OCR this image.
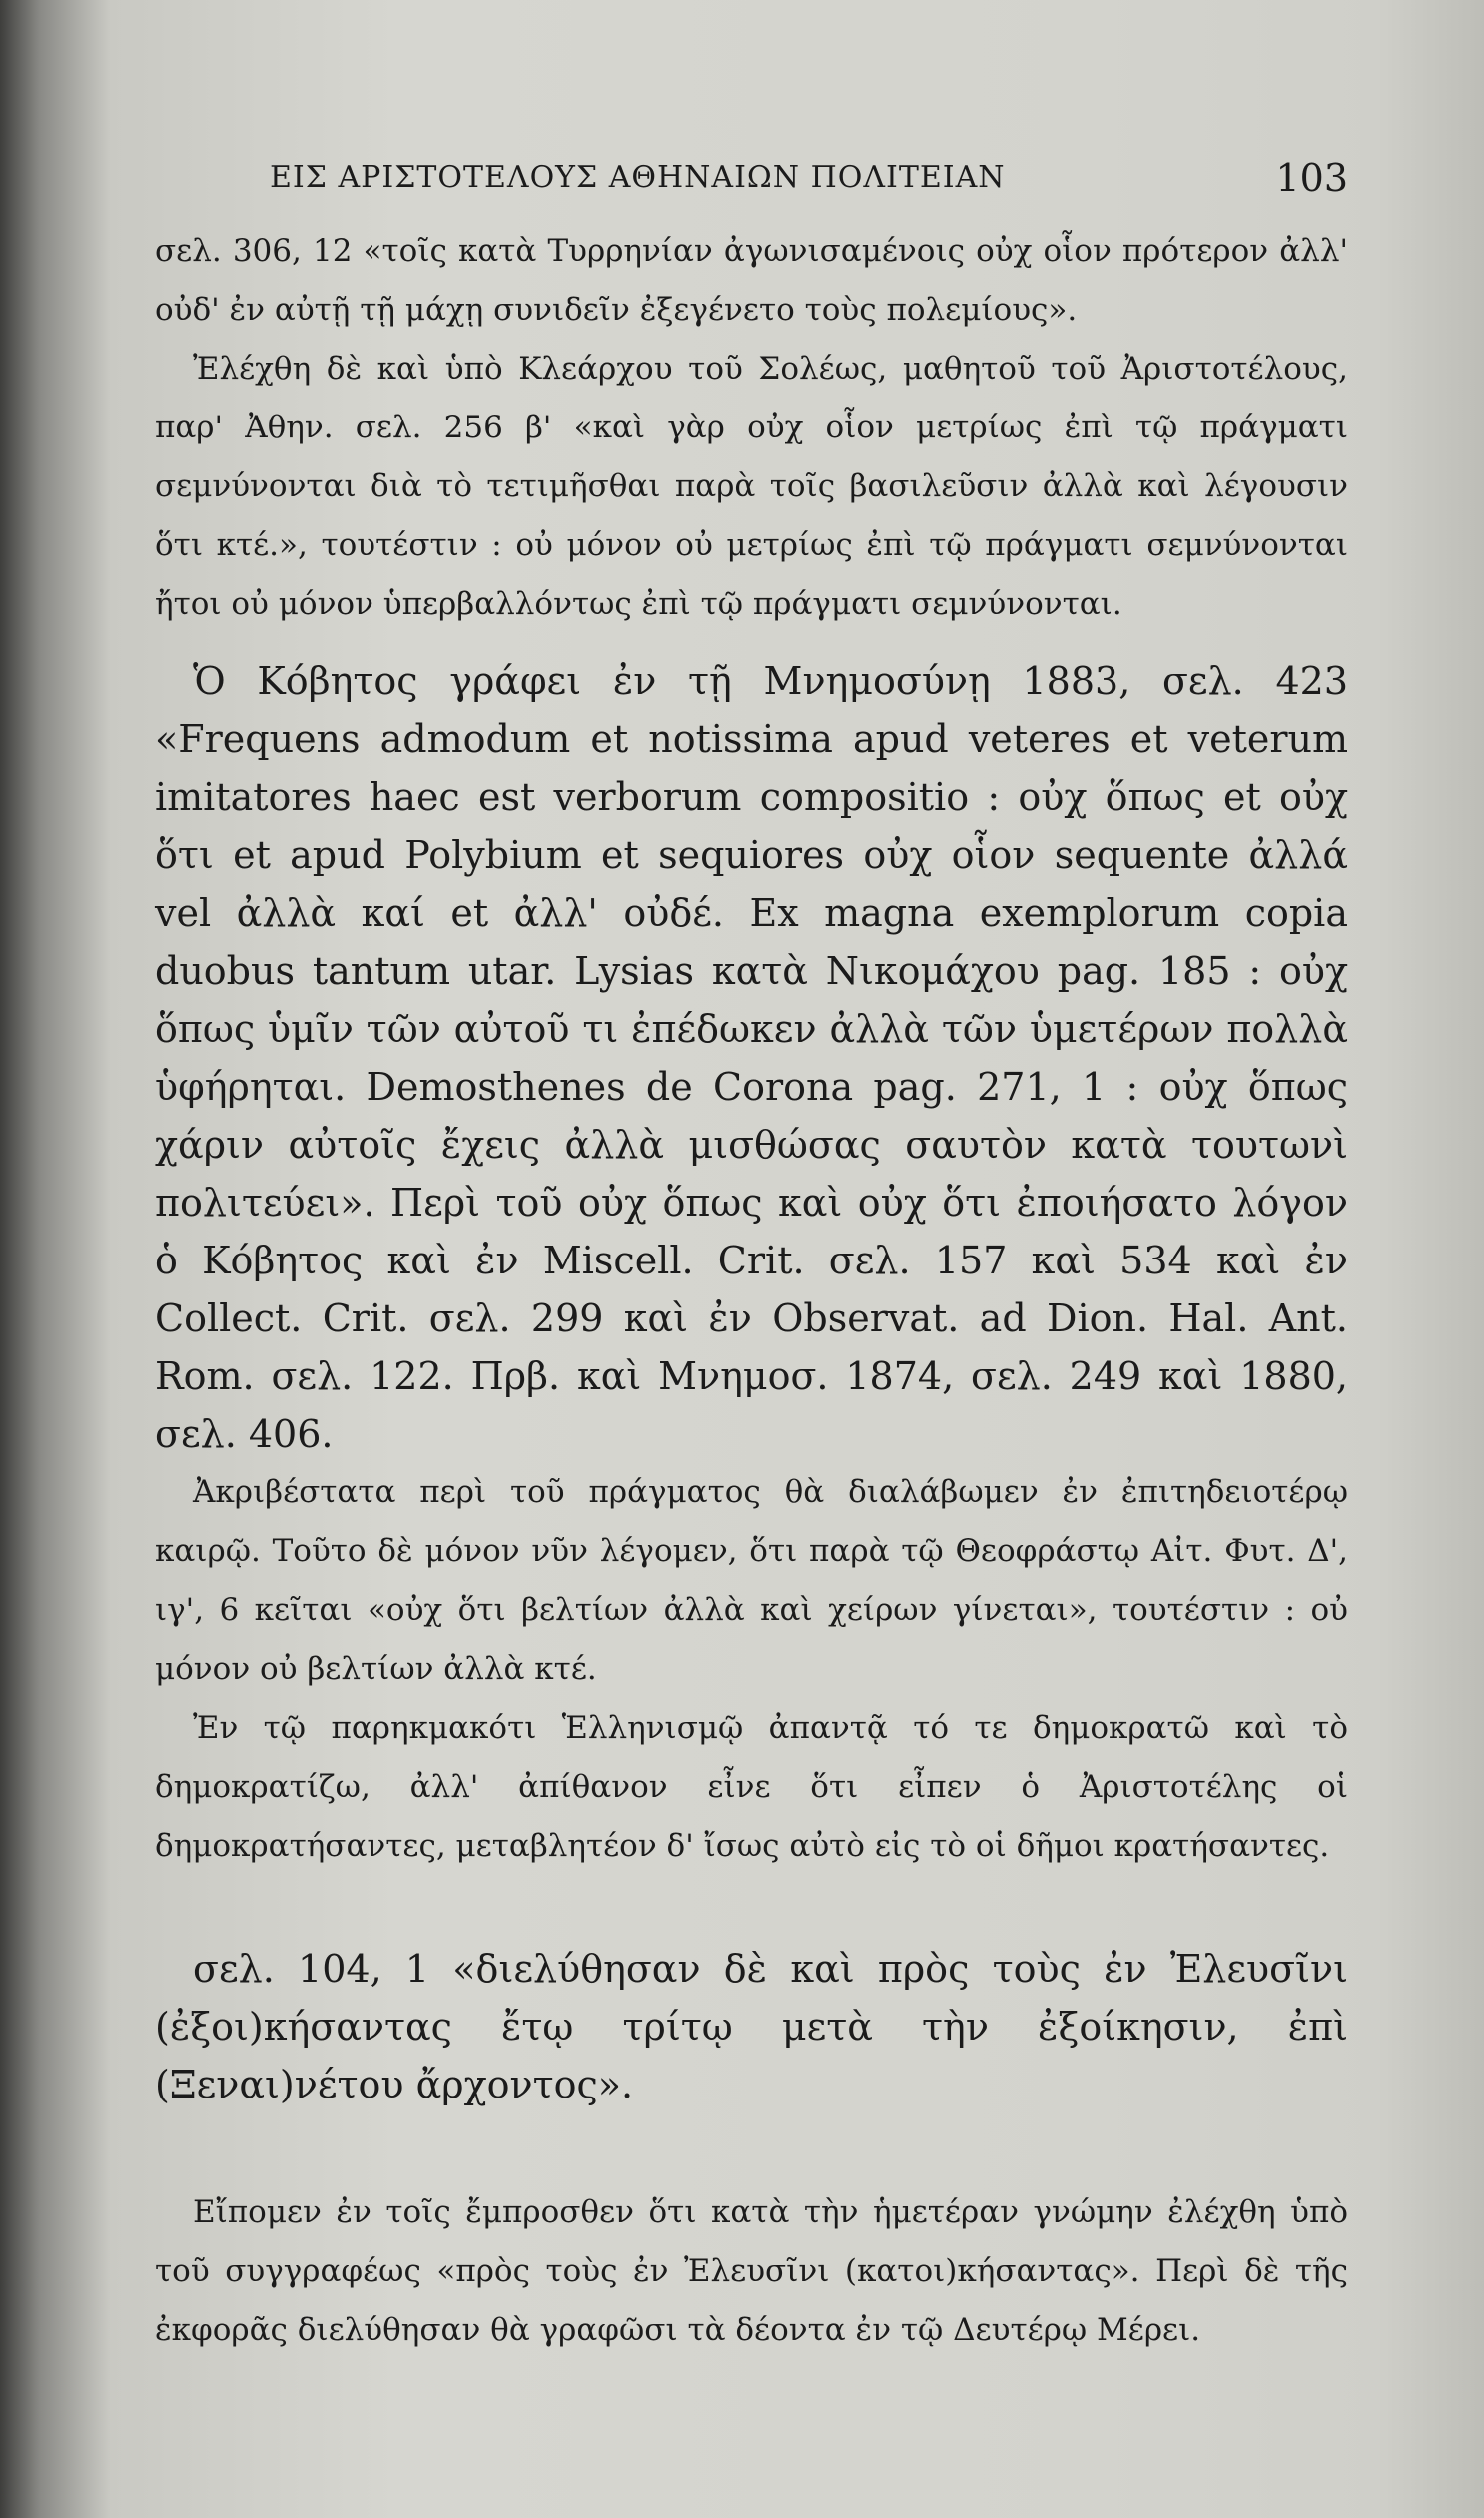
ΕΙΣ ΑΡΙΣΤΟΤΕΛΟΥΣ ΑΘΗΝΑΙΩΝ ΠΟΛΙΤΕΙΑΝ	103

σελ. 306, 12 «τοῖς κατὰ Τυρρηνίαν ἀγωνισαμένοις οὐχ οἷον πρότερον ἀλλ' οὐδ' ἐν αὐτῇ τῇ μάχῃ συνιδεῖν ἐξεγένετο τοὺς πολεμίους».

Ἐλέχθη δὲ καὶ ὑπὸ Κλεάρχου τοῦ Σολέως, μαθητοῦ τοῦ Ἀριστοτέλους, παρ' Ἀθην. σελ. 256 β' «καὶ γὰρ οὐχ οἷον μετρίως ἐπὶ τῷ πράγματι σεμνύνονται διὰ τὸ τετιμῆσθαι παρὰ τοῖς βασιλεῦσιν ἀλλὰ καὶ λέγουσιν ὅτι κτέ.», τουτέστιν : οὐ μόνον οὐ μετρίως ἐπὶ τῷ πράγματι σεμνύνονται ἤτοι οὐ μόνον ὑπερβαλλόντως ἐπὶ τῷ πράγματι σεμνύνονται.

Ὁ Κόβητος γράφει ἐν τῇ Μνημοσύνῃ 1883, σελ. 423 «Frequens admodum et notissima apud veteres et veterum imitatores haec est verborum compositio : οὐχ ὅπως et οὐχ ὅτι et apud Polybium et sequiores οὐχ οἷον sequente ἀλλά vel ἀλλὰ καί et ἀλλ' οὐδέ. Ex magna exemplorum copia duobus tantum utar. Lysias κατὰ Νικομάχου pag. 185 : οὐχ ὅπως ὑμῖν τῶν αὐτοῦ τι ἐπέδωκεν ἀλλὰ τῶν ὑμετέρων πολλὰ ὑφήρηται. Demosthenes de Corona pag. 271, 1 : οὐχ ὅπως χάριν αὐτοῖς ἔχεις ἀλλὰ μισθώσας σαυτὸν κατὰ τουτωνὶ πολιτεύει». Περὶ τοῦ οὐχ ὅπως καὶ οὐχ ὅτι ἐποιήσατο λόγον ὁ Κόβητος καὶ ἐν Miscell. Crit. σελ. 157 καὶ 534 καὶ ἐν Collect. Crit. σελ. 299 καὶ ἐν Observat. ad Dion. Hal. Ant. Rom. σελ. 122. Πρβ. καὶ Μνημοσ. 1874, σελ. 249 καὶ 1880, σελ. 406.

Ἀκριβέστατα περὶ τοῦ πράγματος θὰ διαλάβωμεν ἐν ἐπιτηδειοτέρῳ καιρῷ. Τοῦτο δὲ μόνον νῦν λέγομεν, ὅτι παρὰ τῷ Θεοφράστῳ Αἰτ. Φυτ. Δ', ιγ', 6 κεῖται «οὐχ ὅτι βελτίων ἀλλὰ καὶ χείρων γίνεται», τουτέστιν : οὐ μόνον οὐ βελτίων ἀλλὰ κτέ.

Ἐν τῷ παρηκμακότι Ἑλληνισμῷ ἀπαντᾷ τό τε δημοκρατῶ καὶ τὸ δημοκρατίζω, ἀλλ' ἀπίθανον εἶνε ὅτι εἶπεν ὁ Ἀριστοτέλης οἱ δημοκρατήσαντες, μεταβλητέον δ' ἴσως αὐτὸ εἰς τὸ οἱ δῆμοι κρατήσαντες.

σελ. 104, 1 «διελύθησαν δὲ καὶ πρὸς τοὺς ἐν Ἐλευσῖνι (ἐξοι)κήσαντας ἔτῳ τρίτῳ μετὰ τὴν ἐξοίκησιν, ἐπὶ (Ξεναι)νέτου ἄρχοντος».

Εἴπομεν ἐν τοῖς ἔμπροσθεν ὅτι κατὰ τὴν ἡμετέραν γνώμην ἐλέχθη ὑπὸ τοῦ συγγραφέως «πρὸς τοὺς ἐν Ἐλευσῖνι (κατοι)κήσαντας». Περὶ δὲ τῆς ἐκφορᾶς διελύθησαν θὰ γραφῶσι τὰ δέοντα ἐν τῷ Δευτέρῳ Μέρει.
